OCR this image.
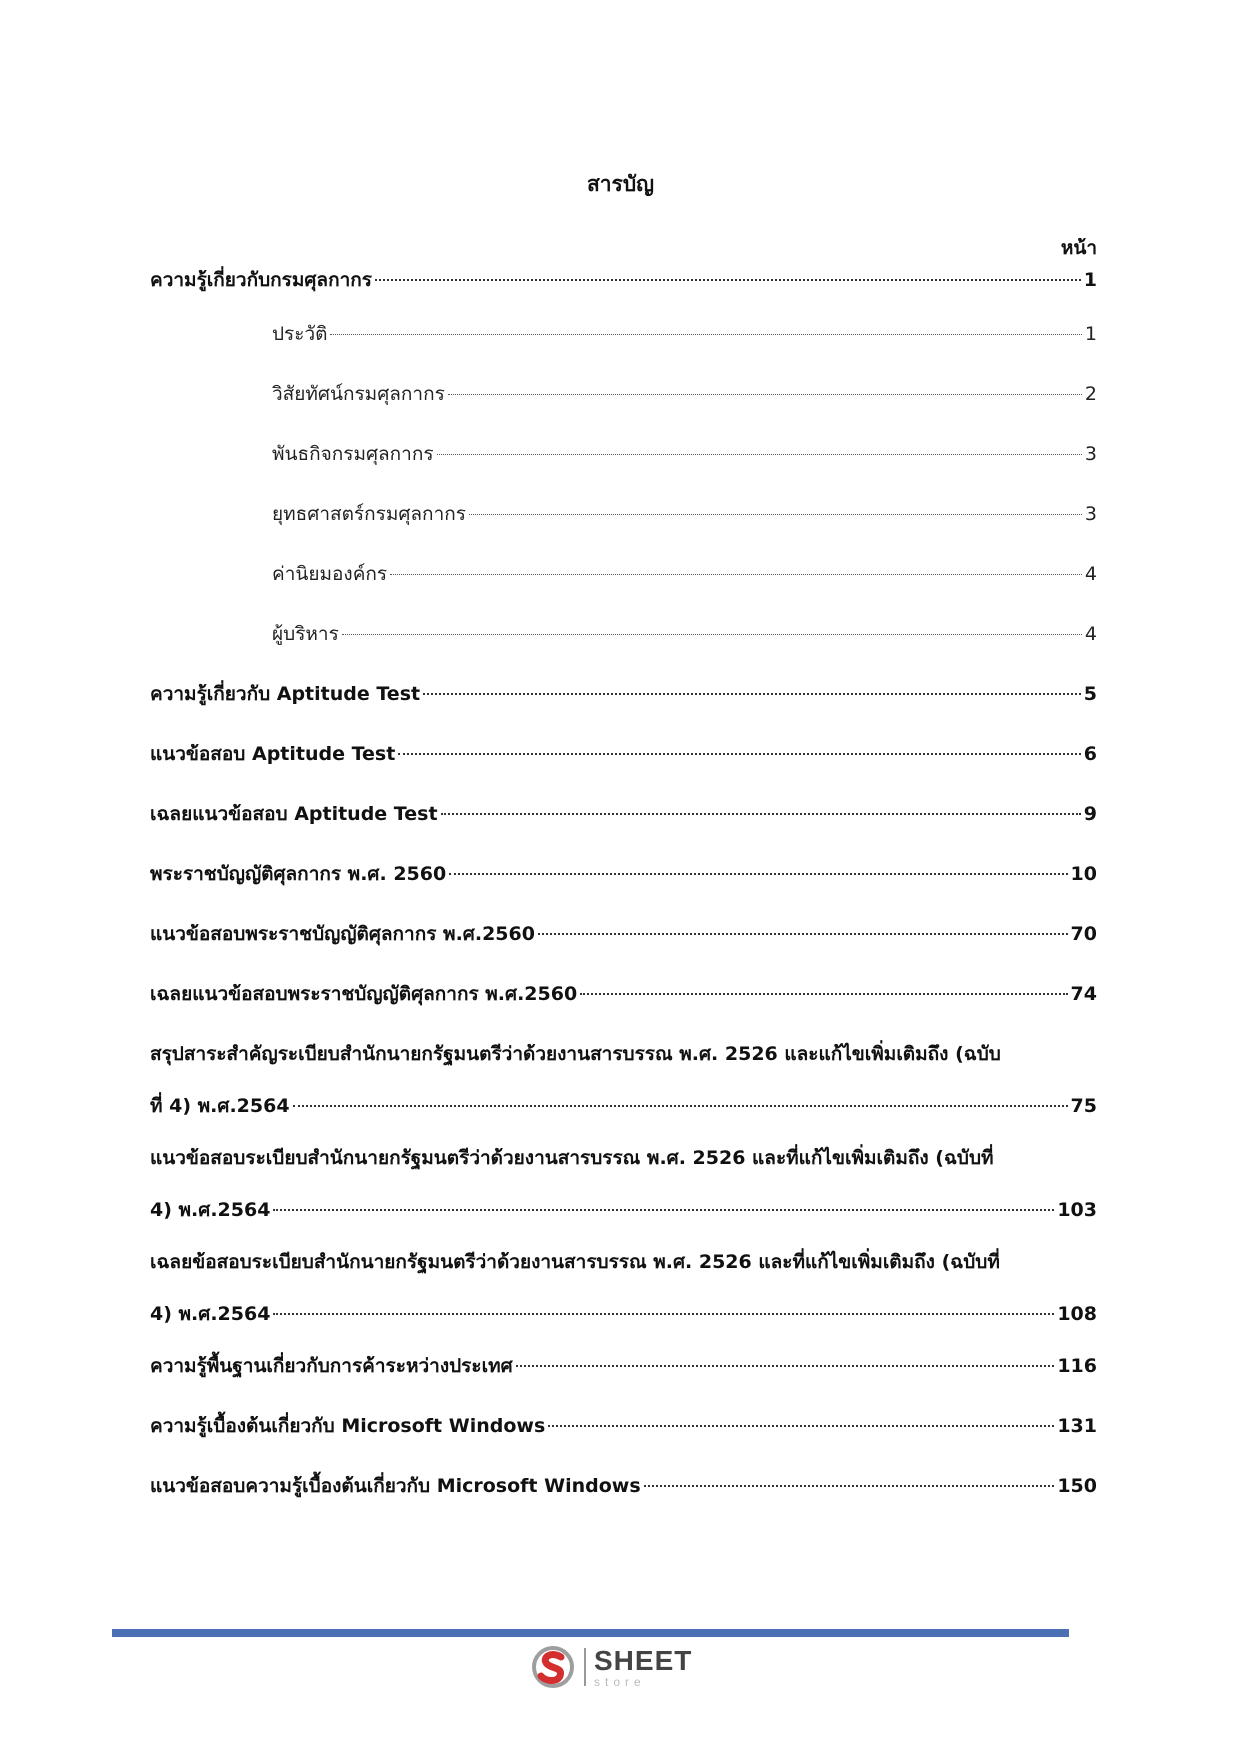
สารบัญ
หน้า
ความรู้เกี่ยวกับกรมศุลกากร	1
ประวัติ	1
วิสัยทัศน์กรมศุลกากร	2
พันธกิจกรมศุลกากร	3
ยุทธศาสตร์กรมศุลกากร	3
ค่านิยมองค์กร	4
ผู้บริหาร	4
ความรู้เกี่ยวกับ Aptitude Test	5
แนวข้อสอบ Aptitude Test	6
เฉลยแนวข้อสอบ Aptitude Test	9
พระราชบัญญัติศุลกากร พ.ศ. 2560	10
แนวข้อสอบพระราชบัญญัติศุลกากร พ.ศ.2560	70
เฉลยแนวข้อสอบพระราชบัญญัติศุลกากร พ.ศ.2560	74
สรุปสาระสำคัญระเบียบสำนักนายกรัฐมนตรีว่าด้วยงานสารบรรณ พ.ศ. 2526 และแก้ไขเพิ่มเติมถึง (ฉบับ
ที่ 4) พ.ศ.2564	75
แนวข้อสอบระเบียบสำนักนายกรัฐมนตรีว่าด้วยงานสารบรรณ พ.ศ. 2526 และที่แก้ไขเพิ่มเติมถึง (ฉบับที่
4) พ.ศ.2564	103
เฉลยข้อสอบระเบียบสำนักนายกรัฐมนตรีว่าด้วยงานสารบรรณ พ.ศ. 2526 และที่แก้ไขเพิ่มเติมถึง (ฉบับที่
4) พ.ศ.2564	108
ความรู้พื้นฐานเกี่ยวกับการค้าระหว่างประเทศ	116
ความรู้เบื้องต้นเกี่ยวกับ Microsoft Windows	131
แนวข้อสอบความรู้เบื้องต้นเกี่ยวกับ Microsoft Windows	150
SHEET
store
